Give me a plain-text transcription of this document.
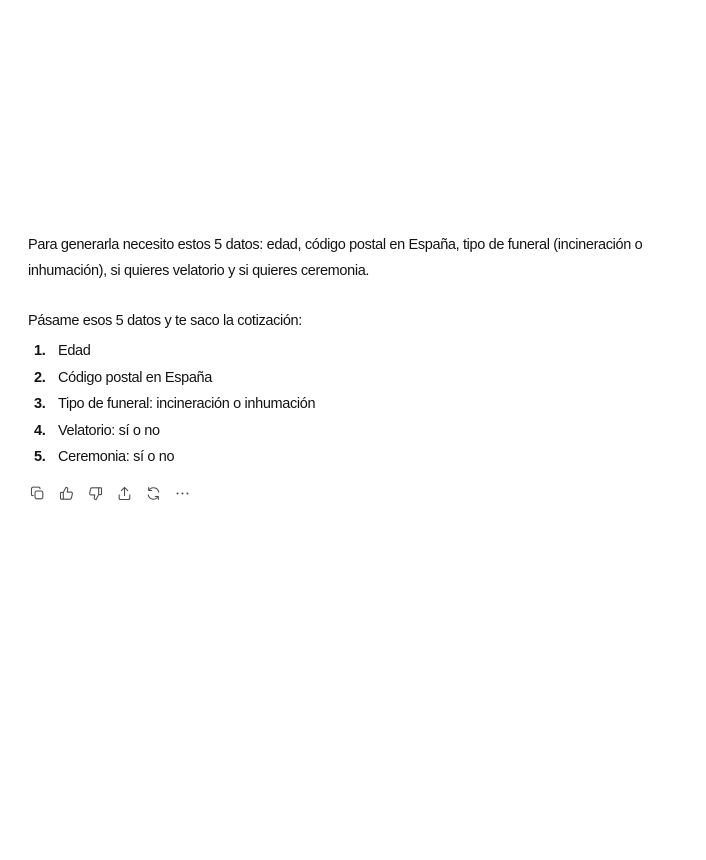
Para generarla necesito estos 5 datos: edad, código postal en España, tipo de funeral (incineración o inhumación), si quieres velatorio y si quieres ceremonia.

Pásame esos 5 datos y te saco la cotización:

1. Edad
2. Código postal en España
3. Tipo de funeral: incineración o inhumación
4. Velatorio: sí o no
5. Ceremonia: sí o no
